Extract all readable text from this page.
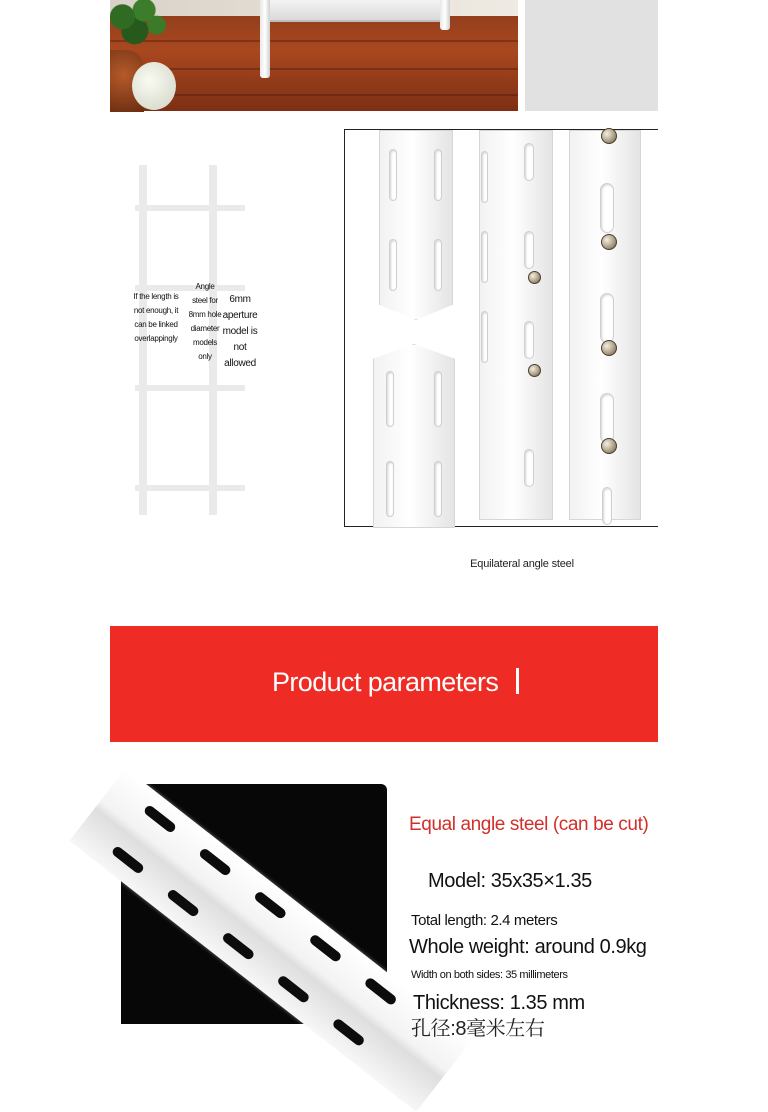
If the length is not enough, it can be linked overlappingly
Angle steel for 8mm hole diameter models only
6mm aperture model is not allowed
Equilateral angle steel
Product parameters
Equal angle steel (can be cut)
Model: 35x35×1.35
Total length: 2.4 meters
Whole weight: around 0.9kg
Width on both sides: 35 millimeters
Thickness: 1.35 mm
孔径:8毫米左右
